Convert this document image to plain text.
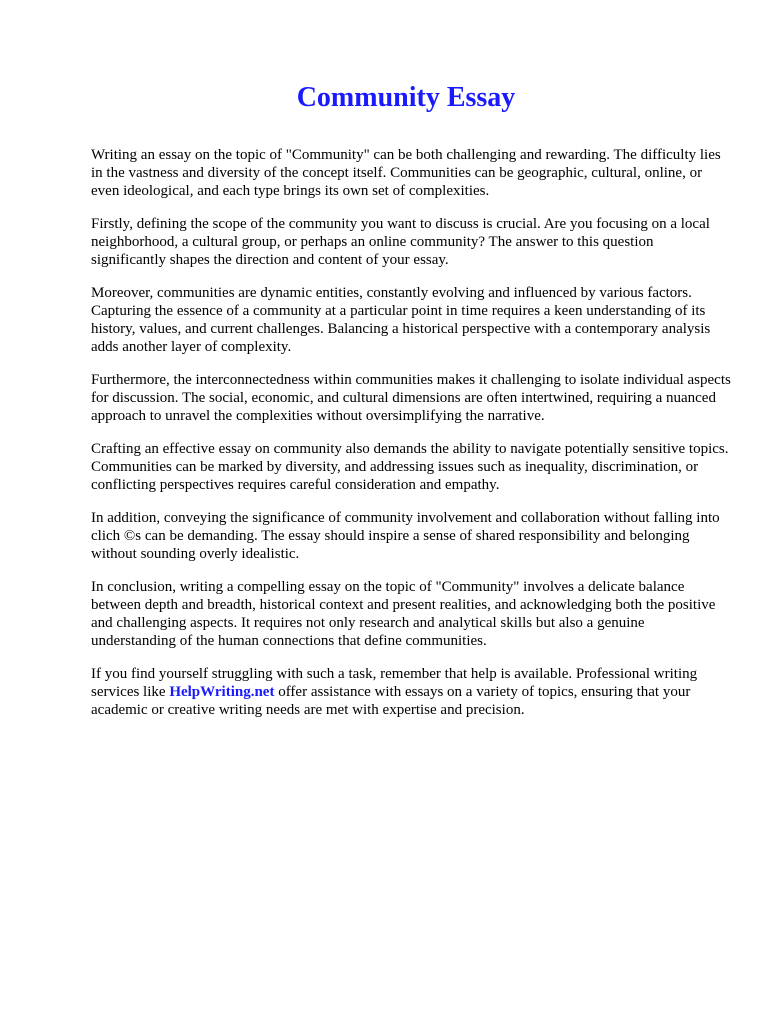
Community Essay

Writing an essay on the topic of "Community" can be both challenging and rewarding. The difficulty lies in the vastness and diversity of the concept itself. Communities can be geographic, cultural, online, or even ideological, and each type brings its own set of complexities.

Firstly, defining the scope of the community you want to discuss is crucial. Are you focusing on a local neighborhood, a cultural group, or perhaps an online community? The answer to this question significantly shapes the direction and content of your essay.

Moreover, communities are dynamic entities, constantly evolving and influenced by various factors. Capturing the essence of a community at a particular point in time requires a keen understanding of its history, values, and current challenges. Balancing a historical perspective with a contemporary analysis adds another layer of complexity.

Furthermore, the interconnectedness within communities makes it challenging to isolate individual aspects for discussion. The social, economic, and cultural dimensions are often intertwined, requiring a nuanced approach to unravel the complexities without oversimplifying the narrative.

Crafting an effective essay on community also demands the ability to navigate potentially sensitive topics. Communities can be marked by diversity, and addressing issues such as inequality, discrimination, or conflicting perspectives requires careful consideration and empathy.

In addition, conveying the significance of community involvement and collaboration without falling into clich ©s can be demanding. The essay should inspire a sense of shared responsibility and belonging without sounding overly idealistic.

In conclusion, writing a compelling essay on the topic of "Community" involves a delicate balance between depth and breadth, historical context and present realities, and acknowledging both the positive and challenging aspects. It requires not only research and analytical skills but also a genuine understanding of the human connections that define communities.

If you find yourself struggling with such a task, remember that help is available. Professional writing services like HelpWriting.net offer assistance with essays on a variety of topics, ensuring that your academic or creative writing needs are met with expertise and precision.
